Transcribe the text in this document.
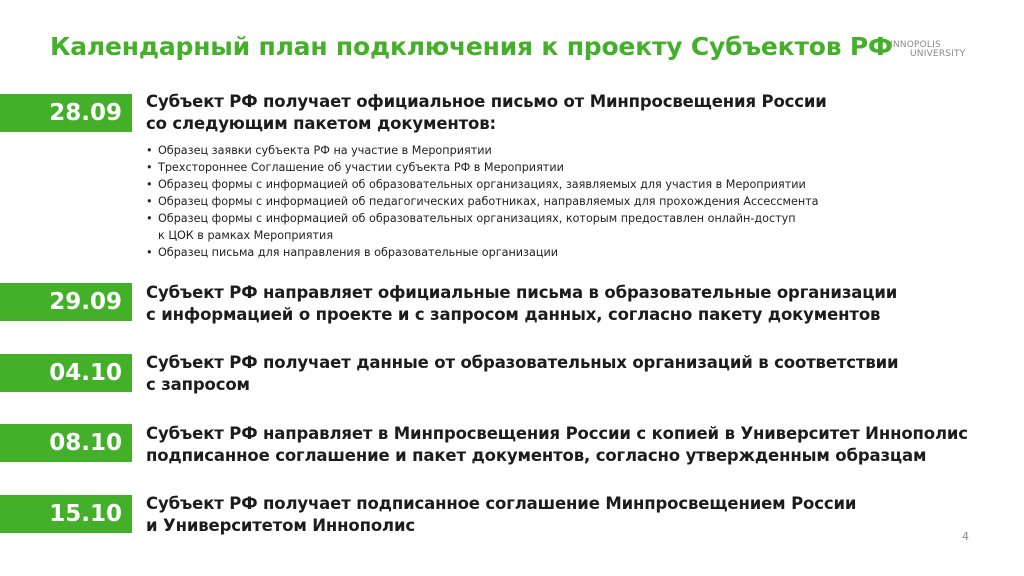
Календарный план подключения к проекту Субъектов РФ
INNOPOLIS
UNIVERSITY
28.09	Субъект РФ получает официальное письмо от Минпросвещения России
со следующим пакетом документов:
• Образец заявки субъекта РФ на участие в Мероприятии
• Трехстороннее Соглашение об участии субъекта РФ в Мероприятии
• Образец формы с информацией об образовательных организациях, заявляемых для участия в Мероприятии
• Образец формы с информацией об педагогических работниках, направляемых для прохождения Ассессмента
• Образец формы с информацией об образовательных организациях, которым предоставлен онлайн-доступ
к ЦОК в рамках Мероприятия
• Образец письма для направления в образовательные организации
29.09	Субъект РФ направляет официальные письма в образовательные организации
с информацией о проекте и с запросом данных, согласно пакету документов
04.10	Субъект РФ получает данные от образовательных организаций в соответствии
с запросом
08.10	Субъект РФ направляет в Минпросвещения России с копией в Университет Иннополис
подписанное соглашение и пакет документов, согласно утвержденным образцам
15.10	Субъект РФ получает подписанное соглашение Минпросвещением России
и Университетом Иннополис
4
